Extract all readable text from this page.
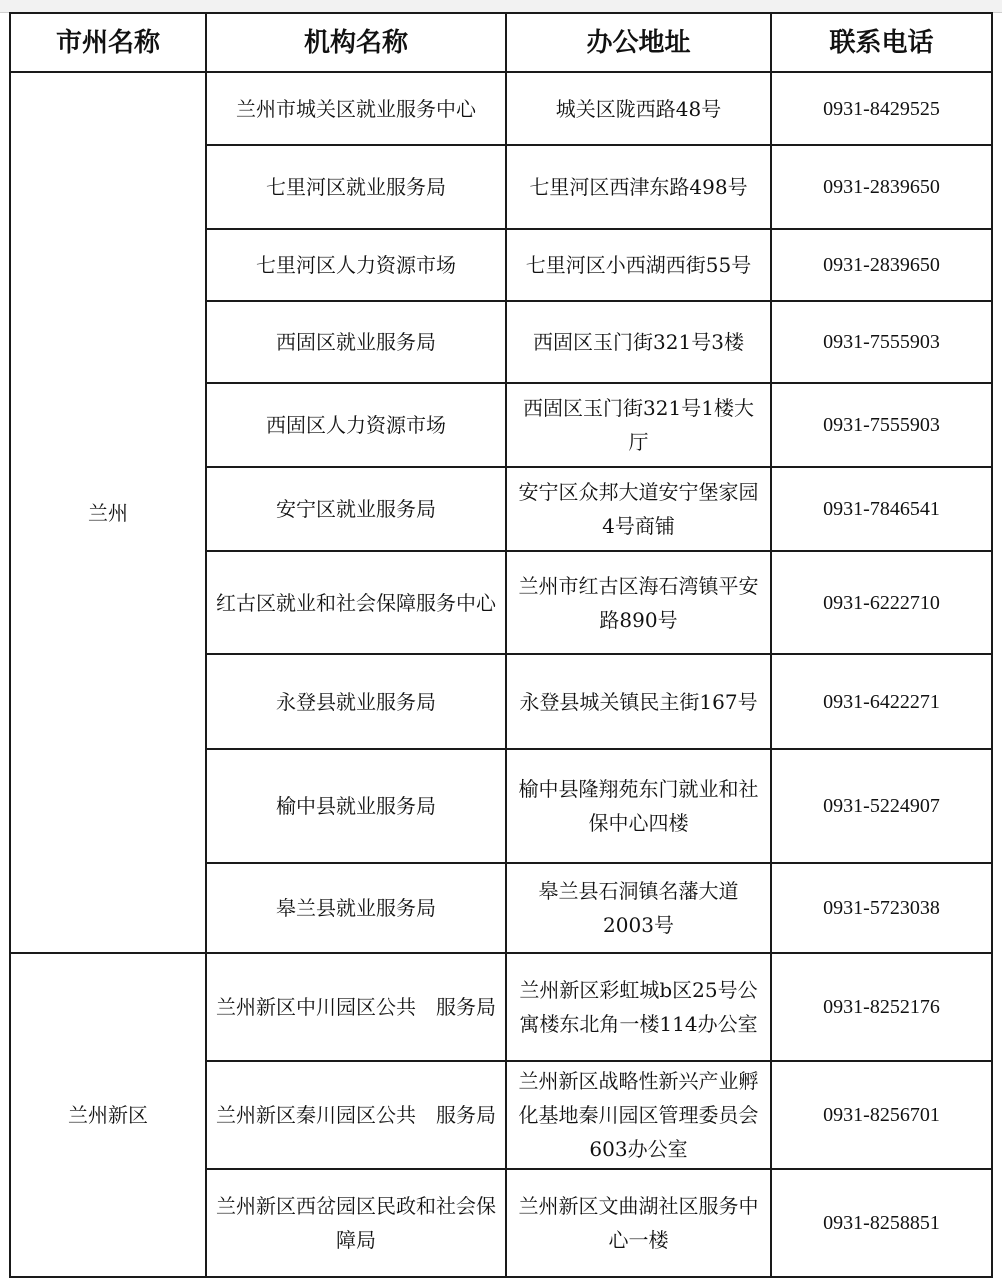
市州名称	机构名称	办公地址	联系电话
兰州	兰州市城关区就业服务中心	城关区陇西路48号	0931-8429525
	七里河区就业服务局	七里河区西津东路498号	0931-2839650
	七里河区人力资源市场	七里河区小西湖西街55号	0931-2839650
	西固区就业服务局	西固区玉门街321号3楼	0931-7555903
	西固区人力资源市场	西固区玉门街321号1楼大厅	0931-7555903
	安宁区就业服务局	安宁区众邦大道安宁堡家园4号商铺	0931-7846541
	红古区就业和社会保障服务中心	兰州市红古区海石湾镇平安路890号	0931-6222710
	永登县就业服务局	永登县城关镇民主街167号	0931-6422271
	榆中县就业服务局	榆中县隆翔苑东门就业和社保中心四楼	0931-5224907
	皋兰县就业服务局	皋兰县石洞镇名藩大道2003号	0931-5723038
兰州新区	兰州新区中川园区公共　服务局	兰州新区彩虹城b区25号公寓楼东北角一楼114办公室	0931-8252176
	兰州新区秦川园区公共　服务局	兰州新区战略性新兴产业孵化基地秦川园区管理委员会603办公室	0931-8256701
	兰州新区西岔园区民政和社会保障局	兰州新区文曲湖社区服务中心一楼	0931-8258851
